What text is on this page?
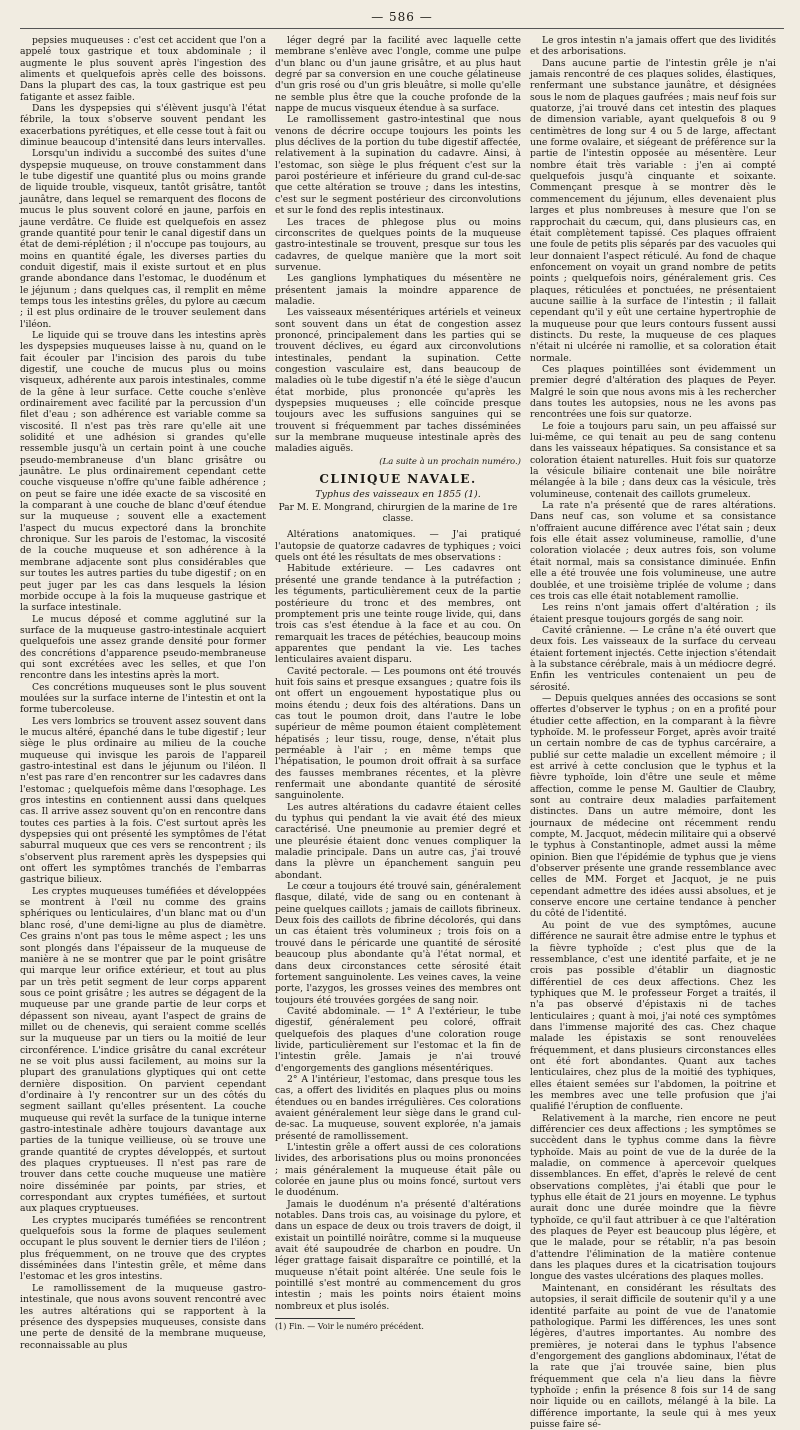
— 586 —

pepsies muqueuses : c'est cet accident que l'on a appelé toux gastrique et toux abdominale ; il augmente le plus souvent après l'ingestion des aliments et quelquefois après celle des boissons. Dans la plupart des cas, la toux gastrique est peu fatigante et assez faible.

Dans les dyspepsies qui s'élèvent jusqu'à l'état fébrile, la toux s'observe souvent pendant les exacerbations pyrétiques, et elle cesse tout à fait ou diminue beaucoup d'intensité dans leurs intervalles.

Lorsqu'un individu a succombé des suites d'une dyspepsie muqueuse, on trouve constamment dans le tube digestif une quantité plus ou moins grande de liquide trouble, visqueux, tantôt grisâtre, tantôt jaunâtre, dans lequel se remarquent des flocons de mucus le plus souvent coloré en jaune, parfois en jaune verdâtre. Ce fluide est quelquefois en assez grande quantité pour tenir le canal digestif dans un état de demi-réplétion ; il n'occupe pas toujours, au moins en quantité égale, les diverses parties du conduit digestif, mais il existe surtout et en plus grande abondance dans l'estomac, le duodénum et le jéjunum ; dans quelques cas, il remplit en même temps tous les intestins grêles, du pylore au cæcum ; il est plus ordinaire de le trouver seulement dans l'iléon.

Le liquide qui se trouve dans les intestins après les dyspepsies muqueuses laisse à nu, quand on le fait écouler par l'incision des parois du tube digestif, une couche de mucus plus ou moins visqueux, adhérente aux parois intestinales, comme de la gêne à leur surface. Cette couche s'enlève ordinairement avec facilité par la percussion d'un filet d'eau ; son adhérence est variable comme sa viscosité. Il n'est pas très rare qu'elle ait une solidité et une adhésion si grandes qu'elle ressemble jusqu'à un certain point à une couche pseudo-membraneuse d'un blanc grisâtre ou jaunâtre. Le plus ordinairement cependant cette couche visqueuse n'offre qu'une faible adhérence ; on peut se faire une idée exacte de sa viscosité en la comparant à une couche de blanc d'œuf étendue sur la muqueuse ; souvent elle a exactement l'aspect du mucus expectoré dans la bronchite chronique. Sur les parois de l'estomac, la viscosité de la couche muqueuse et son adhérence à la membrane adjacente sont plus considérables que sur toutes les autres parties du tube digestif ; on en peut juger par les cas dans lesquels la lésion morbide occupe à la fois la muqueuse gastrique et la surface intestinale.

Le mucus déposé et comme agglutiné sur la surface de la muqueuse gastro-intestinale acquiert quelquefois une assez grande densité pour former des concrétions d'apparence pseudo-membraneuse qui sont excrétées avec les selles, et que l'on rencontre dans les intestins après la mort.

Ces concrétions muqueuses sont le plus souvent moulées sur la surface interne de l'intestin et ont la forme tubercoleuse.

Les vers lombrics se trouvent assez souvent dans le mucus altéré, épanché dans le tube digestif ; leur siège le plus ordinaire au milieu de la couche muqueuse qui invisque les parois de l'appareil gastro-intestinal est dans le jéjunum ou l'iléon. Il n'est pas rare d'en rencontrer sur les cadavres dans l'estomac ; quelquefois même dans l'œsophage. Les gros intestins en contiennent aussi dans quelques cas. Il arrive assez souvent qu'on en rencontre dans toutes ces parties à la fois. C'est surtout après les dyspepsies qui ont présenté les symptômes de l'état saburral muqueux que ces vers se rencontrent ; ils s'observent plus rarement après les dyspepsies qui ont offert les symptômes tranchés de l'embarras gastrique bilieux.

Les cryptes muqueuses tuméfiées et développées se montrent à l'œil nu comme des grains sphériques ou lenticulaires, d'un blanc mat ou d'un blanc rosé, d'une demi-ligne au plus de diamètre. Ces grains n'ont pas tous le même aspect ; les uns sont plongés dans l'épaisseur de la muqueuse de manière à ne se montrer que par le point grisâtre qui marque leur orifice extérieur, et tout au plus par un très petit segment de leur corps apparent sous ce point grisâtre ; les autres se dégagent de la muqueuse par une grande partie de leur corps et dépassent son niveau, ayant l'aspect de grains de millet ou de chenevis, qui seraient comme scellés sur la muqueuse par un tiers ou la moitié de leur circonférence. L'indice grisâtre du canal excréteur ne se voit plus aussi facilement, au moins sur la plupart des granulations glyptiques qui ont cette dernière disposition. On parvient cependant d'ordinaire à l'y rencontrer sur un des côtés du segment saillant qu'elles présentent. La couche muqueuse qui revêt la surface de la tunique interne gastro-intestinale adhère toujours davantage aux parties de la tunique veillieuse, où se trouve une grande quantité de cryptes développés, et surtout des plaques cryptueuses. Il n'est pas rare de trouver dans cette couche muqueuse une matière noire disséminée par points, par stries, et correspondant aux cryptes tuméfiées, et surtout aux plaques cryptueuses.

Les cryptes muciparés tuméfiées se rencontrent quelquefois sous la forme de plaques seulement occupant le plus souvent le dernier tiers de l'iléon ; plus fréquemment, on ne trouve que des cryptes disséminées dans l'intestin grêle, et même dans l'estomac et les gros intestins.

Le ramollissement de la muqueuse gastro-intestinale, que nous avons souvent rencontré avec les autres altérations qui se rapportent à la présence des dyspepsies muqueuses, consiste dans une perte de densité de la membrane muqueuse, reconnaissable au plus

léger degré par la facilité avec laquelle cette membrane s'enlève avec l'ongle, comme une pulpe d'un blanc ou d'un jaune grisâtre, et au plus haut degré par sa conversion en une couche gélatineuse d'un gris rosé ou d'un gris bleuâtre, si molle qu'elle ne semble plus être que la couche profonde de la nappe de mucus visqueux étendue à sa surface.

Le ramollissement gastro-intestinal que nous venons de décrire occupe toujours les points les plus déclives de la portion du tube digestif affectée, relativement à la supination du cadavre. Ainsi, à l'estomac, son siège le plus fréquent c'est sur la paroi postérieure et inférieure du grand cul-de-sac que cette altération se trouve ; dans les intestins, c'est sur le segment postérieur des circonvolutions et sur le fond des replis intestinaux.

Les traces de phlegose plus ou moins circonscrites de quelques points de la muqueuse gastro-intestinale se trouvent, presque sur tous les cadavres, de quelque manière que la mort soit survenue.

Les ganglions lymphatiques du mésentère ne présentent jamais la moindre apparence de maladie.

Les vaisseaux mésentériques artériels et veineux sont souvent dans un état de congestion assez prononcé, principalement dans les parties qui se trouvent déclives, eu égard aux circonvolutions intestinales, pendant la supination. Cette congestion vasculaire est, dans beaucoup de maladies où le tube digestif n'a été le siège d'aucun état morbide, plus prononcée qu'après les dyspepsies muqueuses ; elle coïncide presque toujours avec les suffusions sanguines qui se trouvent si fréquemment par taches disséminées sur la membrane muqueuse intestinale après des maladies aiguës.

(La suite à un prochain numéro.)
CLINIQUE NAVALE.
Typhus des vaisseaux en 1855 (1).
Par M. E. Mongrand, chirurgien de la marine de 1re classe.

Altérations anatomiques. — J'ai pratiqué l'autopsie de quatorze cadavres de typhiques ; voici quels ont été les résultats de mes observations :

Habitude extérieure. — Les cadavres ont présenté une grande tendance à la putréfaction ; les téguments, particulièrement ceux de la partie postérieure du tronc et des membres, ont promptement pris une teinte rouge livide, qui, dans trois cas s'est étendue à la face et au cou. On remarquait les traces de pétéchies, beaucoup moins apparentes que pendant la vie. Les taches lenticulaires avaient disparu.

Cavité pectorale. — Les poumons ont été trouvés huit fois sains et presque exsangues ; quatre fois ils ont offert un engouement hypostatique plus ou moins étendu ; deux fois des altérations. Dans un cas tout le poumon droit, dans l'autre le lobe supérieur de même poumon étaient complètement hépatisés ; leur tissu, rouge, dense, n'était plus perméable à l'air ; en même temps que l'hépatisation, le poumon droit offrait à sa surface des fausses membranes récentes, et la plèvre renfermait une abondante quantité de sérosité sanguinolente.

Les autres altérations du cadavre étaient celles du typhus qui pendant la vie avait été des mieux caractérisé. Une pneumonie au premier degré et une pleurésie étaient donc venues compliquer la maladie principale. Dans un autre cas, j'ai trouvé dans la plèvre un épanchement sanguin peu abondant.

Le cœur a toujours été trouvé sain, généralement flasque, dilaté, vide de sang ou en contenant à peine quelques caillots ; jamais de caillots fibrineux. Deux fois des caillots de fibrine décolorés, qui dans un cas étaient très volumineux ; trois fois on a trouvé dans le péricarde une quantité de sérosité beaucoup plus abondante qu'à l'état normal, et dans deux circonstances cette sérosité était fortement sanguinolente. Les veines caves, la veine porte, l'azygos, les grosses veines des membres ont toujours été trouvées gorgées de sang noir.

Cavité abdominale. — 1° A l'extérieur, le tube digestif, généralement peu coloré, offrait quelquefois des plaques d'une coloration rouge livide, particulièrement sur l'estomac et la fin de l'intestin grêle. Jamais je n'ai trouvé d'engorgements des ganglions mésentériques.

2° A l'intérieur, l'estomac, dans presque tous les cas, a offert des lividités en plaques plus ou moins étendues ou en bandes irrégulières. Ces colorations avaient généralement leur siège dans le grand cul-de-sac. La muqueuse, souvent explorée, n'a jamais présenté de ramollissement.

L'intestin grêle a offert aussi de ces colorations livides, des arborisations plus ou moins prononcées ; mais généralement la muqueuse était pâle ou colorée en jaune plus ou moins foncé, surtout vers le duodénum.

Jamais le duodénum n'a présenté d'altérations notables. Dans trois cas, au voisinage du pylore, et dans un espace de deux ou trois travers de doigt, il existait un pointillé noirâtre, comme si la muqueuse avait été saupoudrée de charbon en poudre. Un léger grattage faisait disparaître ce pointillé, et la muqueuse n'était point altérée. Une seule fois le pointillé s'est montré au commencement du gros intestin ; mais les points noirs étaient moins nombreux et plus isolés.

(1) Fin. — Voir le numéro précédent.

Le gros intestin n'a jamais offert que des lividités et des arborisations.

Dans aucune partie de l'intestin grêle je n'ai jamais rencontré de ces plaques solides, élastiques, renfermant une substance jaunâtre, et désignées sous le nom de plaques gaufrées ; mais neuf fois sur quatorze, j'ai trouvé dans cet intestin des plaques de dimension variable, ayant quelquefois 8 ou 9 centimètres de long sur 4 ou 5 de large, affectant une forme ovalaire, et siégeant de préférence sur la partie de l'intestin opposée au mésentère. Leur nombre était très variable : j'en ai compté quelquefois jusqu'à cinquante et soixante. Commençant presque à se montrer dès le commencement du jéjunum, elles devenaient plus larges et plus nombreuses à mesure que l'on se rapprochait du cæcum, qui, dans plusieurs cas, en était complètement tapissé. Ces plaques offraient une foule de petits plis séparés par des vacuoles qui leur donnaient l'aspect réticulé. Au fond de chaque enfoncement on voyait un grand nombre de petits points ; quelquefois noirs, généralement gris. Ces plaques, réticulées et ponctuées, ne présentaient aucune saillie à la surface de l'intestin ; il fallait cependant qu'il y eût une certaine hypertrophie de la muqueuse pour que leurs contours fussent aussi distincts. Du reste, la muqueuse de ces plaques n'était ni ulcérée ni ramollie, et sa coloration était normale.

Ces plaques pointillées sont évidemment un premier degré d'altération des plaques de Peyer. Malgré le soin que nous avons mis à les rechercher dans toutes les autopsies, nous ne les avons pas rencontrées une fois sur quatorze.

Le foie a toujours paru sain, un peu affaissé sur lui-même, ce qui tenait au peu de sang contenu dans les vaisseaux hépatiques. Sa consistance et sa coloration étaient naturelles. Huit fois sur quatorze la vésicule biliaire contenait une bile noirâtre mélangée à la bile ; dans deux cas la vésicule, très volumineuse, contenait des caillots grumeleux.

La rate n'a présenté que de rares altérations. Dans neuf cas, son volume et sa consistance n'offraient aucune différence avec l'état sain ; deux fois elle était assez volumineuse, ramollie, d'une coloration violacée ; deux autres fois, son volume était normal, mais sa consistance diminuée. Enfin elle a été trouvée une fois volumineuse, une autre doublée, et une troisième triplée de volume ; dans ces trois cas elle était notablement ramollie.

Les reins n'ont jamais offert d'altération ; ils étaient presque toujours gorgés de sang noir.

Cavité crânienne. — Le crâne n'a été ouvert que deux fois. Les vaisseaux de la surface du cerveau étaient fortement injectés. Cette injection s'étendait à la substance cérébrale, mais à un médiocre degré. Enfin les ventricules contenaient un peu de sérosité.

— Depuis quelques années des occasions se sont offertes d'observer le typhus ; on en a profité pour étudier cette affection, en la comparant à la fièvre typhoïde. M. le professeur Forget, après avoir traité un certain nombre de cas de typhus carcéraire, a publié sur cette maladie un excellent mémoire ; il est arrivé à cette conclusion que le typhus et la fièvre typhoïde, loin d'être une seule et même affection, comme le pense M. Gaultier de Claubry, sont au contraire deux maladies parfaitement distinctes. Dans un autre mémoire, dont les journaux de médecine ont récemment rendu compte, M. Jacquot, médecin militaire qui a observé le typhus à Constantinople, admet aussi la même opinion. Bien que l'épidémie de typhus que je viens d'observer présente une grande ressemblance avec celles de MM. Forget et Jacquot, je ne puis cependant admettre des idées aussi absolues, et je conserve encore une certaine tendance à pencher du côté de l'identité.

Au point de vue des symptômes, aucune différence ne saurait être admise entre le typhus et la fièvre typhoïde ; c'est plus que de la ressemblance, c'est une identité parfaite, et je ne crois pas possible d'établir un diagnostic différentiel de ces deux affections. Chez les typhiques que M. le professeur Forget a traités, il n'a pas observé d'épistaxis ni de taches lenticulaires ; quant à moi, j'ai noté ces symptômes dans l'immense majorité des cas. Chez chaque malade les épistaxis se sont renouvelées fréquemment, et dans plusieurs circonstances elles ont été fort abondantes. Quant aux taches lenticulaires, chez plus de la moitié des typhiques, elles étaient semées sur l'abdomen, la poitrine et les membres avec une telle profusion que j'ai qualifié l'éruption de confluente.

Relativement à la marche, rien encore ne peut différencier ces deux affections ; les symptômes se succèdent dans le typhus comme dans la fièvre typhoïde. Mais au point de vue de la durée de la maladie, on commence à apercevoir quelques dissemblances. En effet, d'après le relevé de cent observations complètes, j'ai établi que pour le typhus elle était de 21 jours en moyenne. Le typhus aurait donc une durée moindre que la fièvre typhoïde, ce qu'il faut attribuer à ce que l'altération des plaques de Peyer est beaucoup plus légère, et que le malade, pour se rétablir, n'a pas besoin d'attendre l'élimination de la matière contenue dans les plaques dures et la cicatrisation toujours longue des vastes ulcérations des plaques molles.

Maintenant, en considérant les résultats des autopsies, il serait difficile de soutenir qu'il y a une identité parfaite au point de vue de l'anatomie pathologique. Parmi les différences, les unes sont légères, d'autres importantes. Au nombre des premières, je noterai dans le typhus l'absence d'engorgement des ganglions abdominaux, l'état de la rate que j'ai trouvée saine, bien plus fréquemment que cela n'a lieu dans la fièvre typhoïde ; enfin la présence 8 fois sur 14 de sang noir liquide ou en caillots, mélangé à la bile. La différence importante, la seule qui à mes yeux puisse faire sé-
